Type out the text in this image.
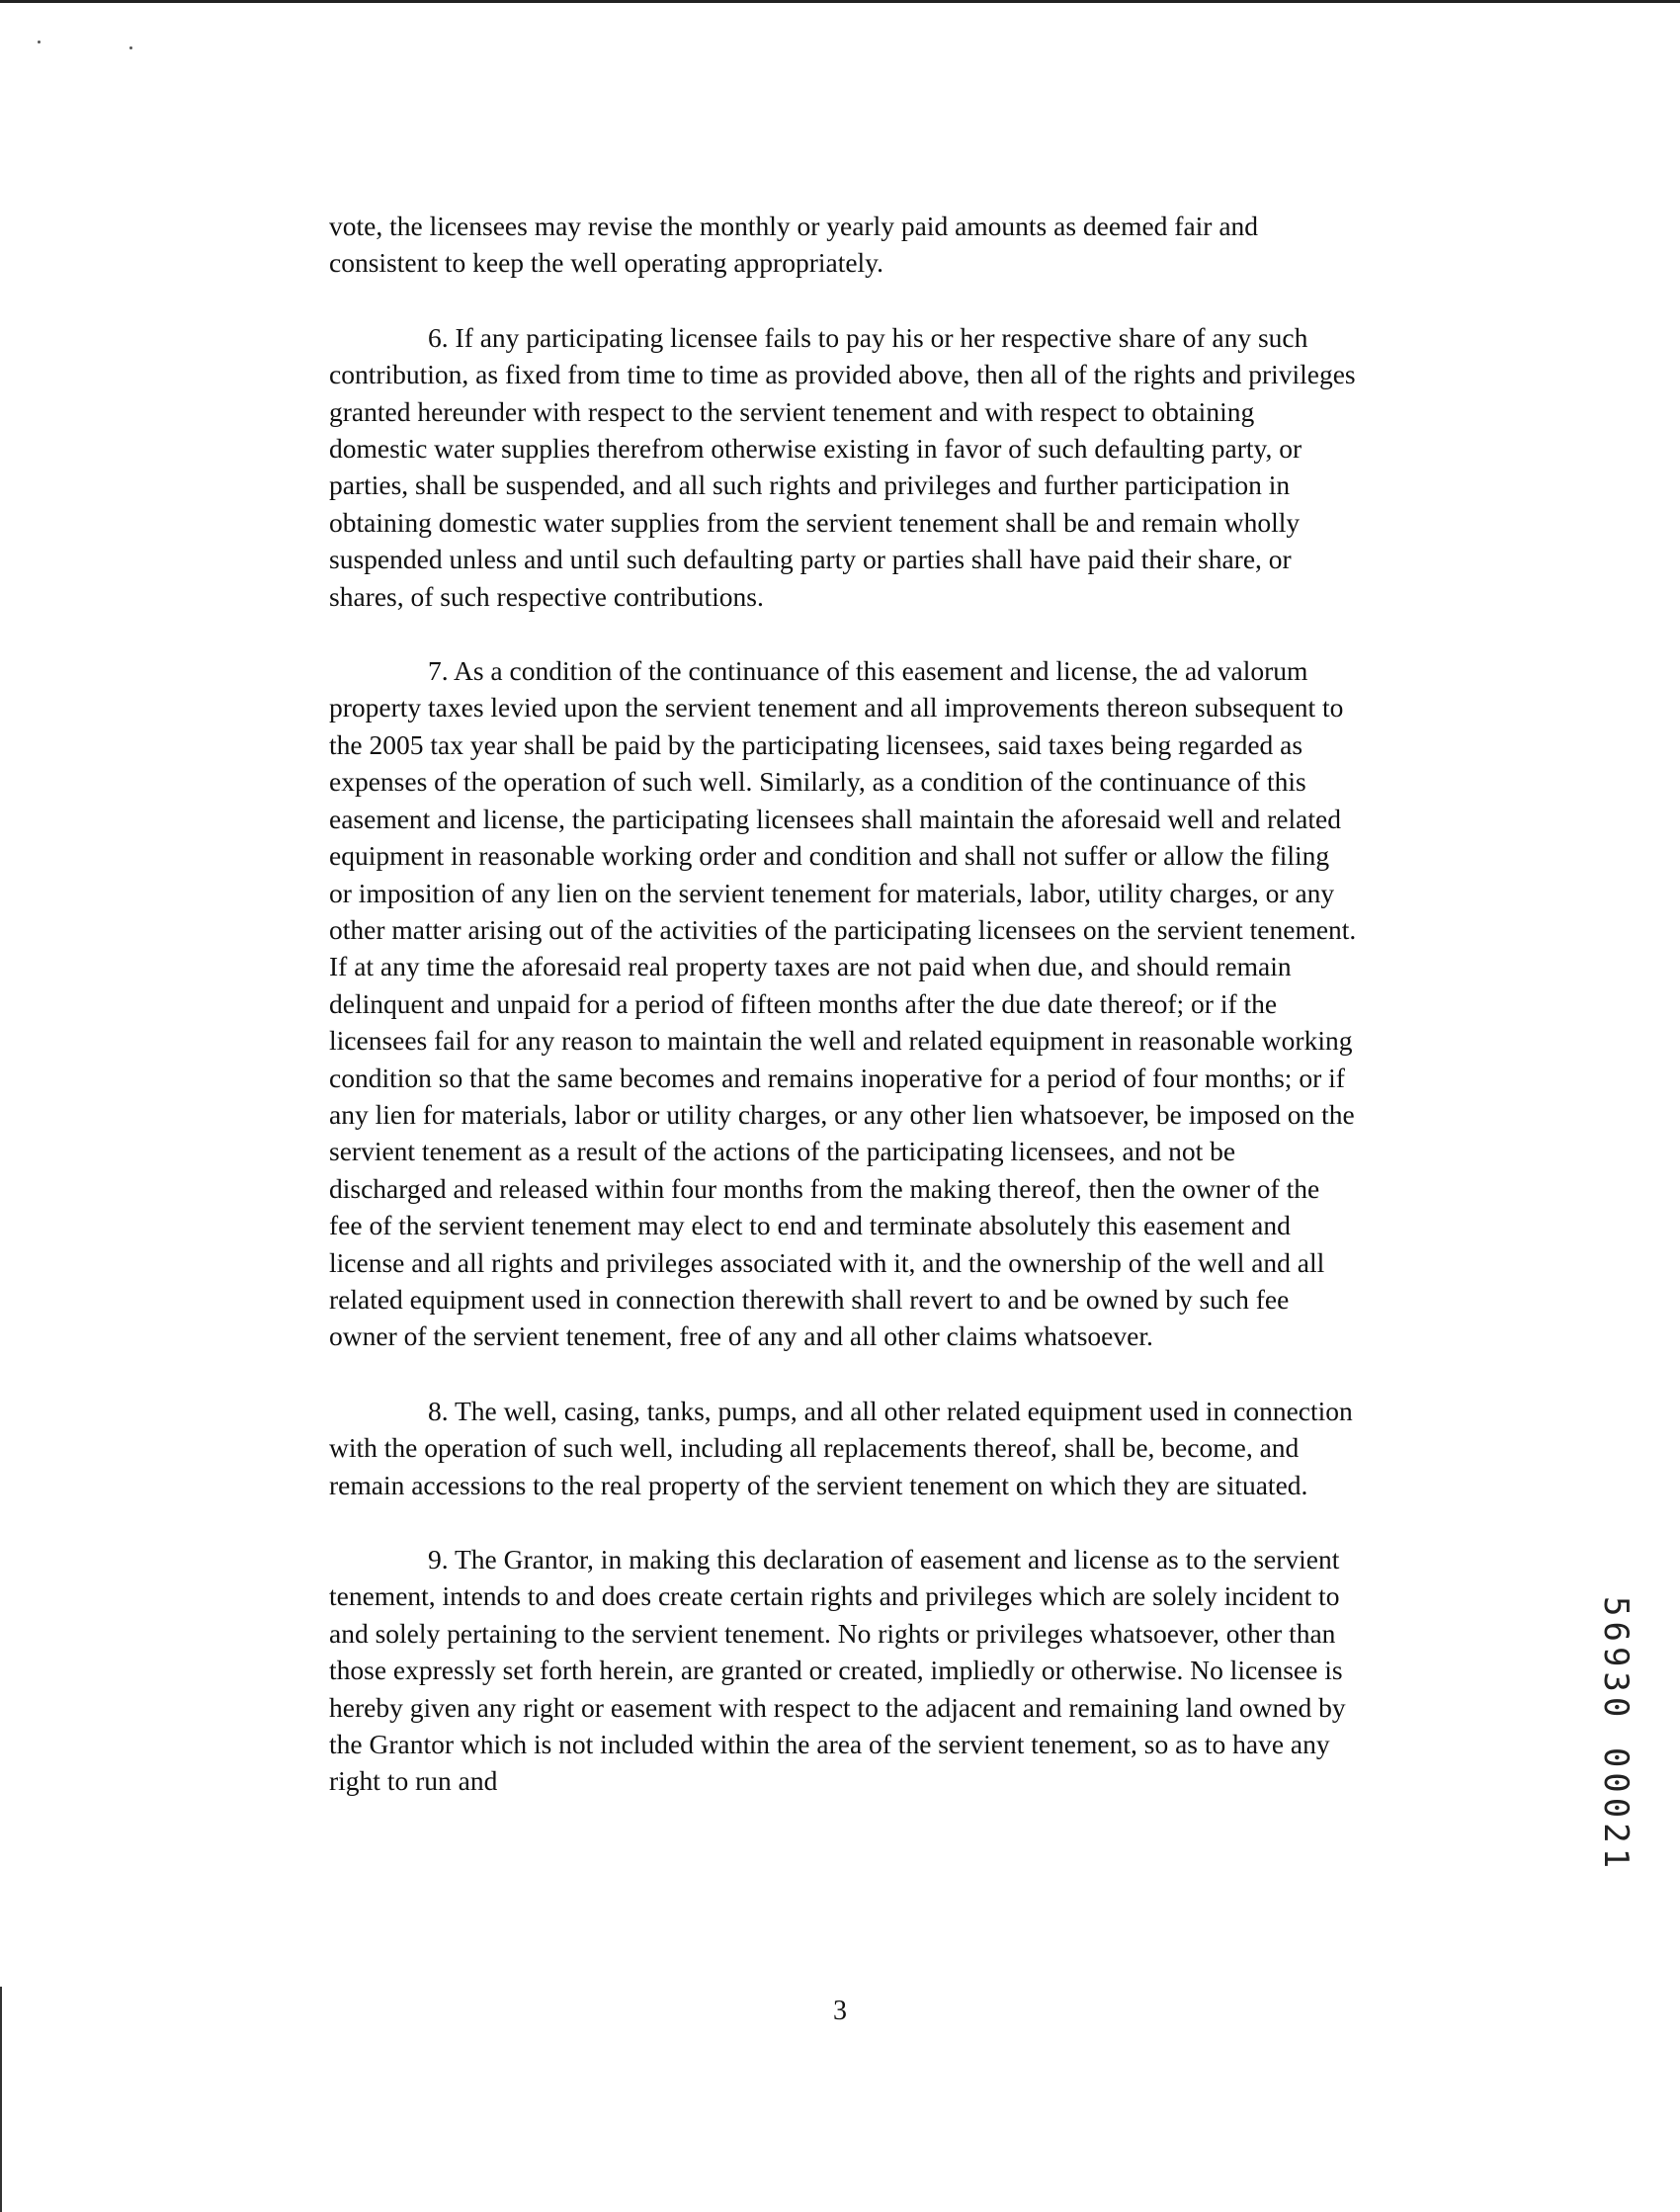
vote, the licensees may revise the monthly or yearly paid amounts as deemed fair and consistent to keep the well operating appropriately.

6. If any participating licensee fails to pay his or her respective share of any such contribution, as fixed from time to time as provided above, then all of the rights and privileges granted hereunder with respect to the servient tenement and with respect to obtaining domestic water supplies therefrom otherwise existing in favor of such defaulting party, or parties, shall be suspended, and all such rights and privileges and further participation in obtaining domestic water supplies from the servient tenement shall be and remain wholly suspended unless and until such defaulting party or parties shall have paid their share, or shares, of such respective contributions.

7. As a condition of the continuance of this easement and license, the ad valorum property taxes levied upon the servient tenement and all improvements thereon subsequent to the 2005 tax year shall be paid by the participating licensees, said taxes being regarded as expenses of the operation of such well. Similarly, as a condition of the continuance of this easement and license, the participating licensees shall maintain the aforesaid well and related equipment in reasonable working order and condition and shall not suffer or allow the filing or imposition of any lien on the servient tenement for materials, labor, utility charges, or any other matter arising out of the activities of the participating licensees on the servient tenement. If at any time the aforesaid real property taxes are not paid when due, and should remain delinquent and unpaid for a period of fifteen months after the due date thereof; or if the licensees fail for any reason to maintain the well and related equipment in reasonable working condition so that the same becomes and remains inoperative for a period of four months; or if any lien for materials, labor or utility charges, or any other lien whatsoever, be imposed on the servient tenement as a result of the actions of the participating licensees, and not be discharged and released within four months from the making thereof, then the owner of the fee of the servient tenement may elect to end and terminate absolutely this easement and license and all rights and privileges associated with it, and the ownership of the well and all related equipment used in connection therewith shall revert to and be owned by such fee owner of the servient tenement, free of any and all other claims whatsoever.

8. The well, casing, tanks, pumps, and all other related equipment used in connection with the operation of such well, including all replacements thereof, shall be, become, and remain accessions to the real property of the servient tenement on which they are situated.

9. The Grantor, in making this declaration of easement and license as to the servient tenement, intends to and does create certain rights and privileges which are solely incident to and solely pertaining to the servient tenement. No rights or privileges whatsoever, other than those expressly set forth herein, are granted or created, impliedly or otherwise. No licensee is hereby given any right or easement with respect to the adjacent and remaining land owned by the Grantor which is not included within the area of the servient tenement, so as to have any right to run and

3
56930 00021
